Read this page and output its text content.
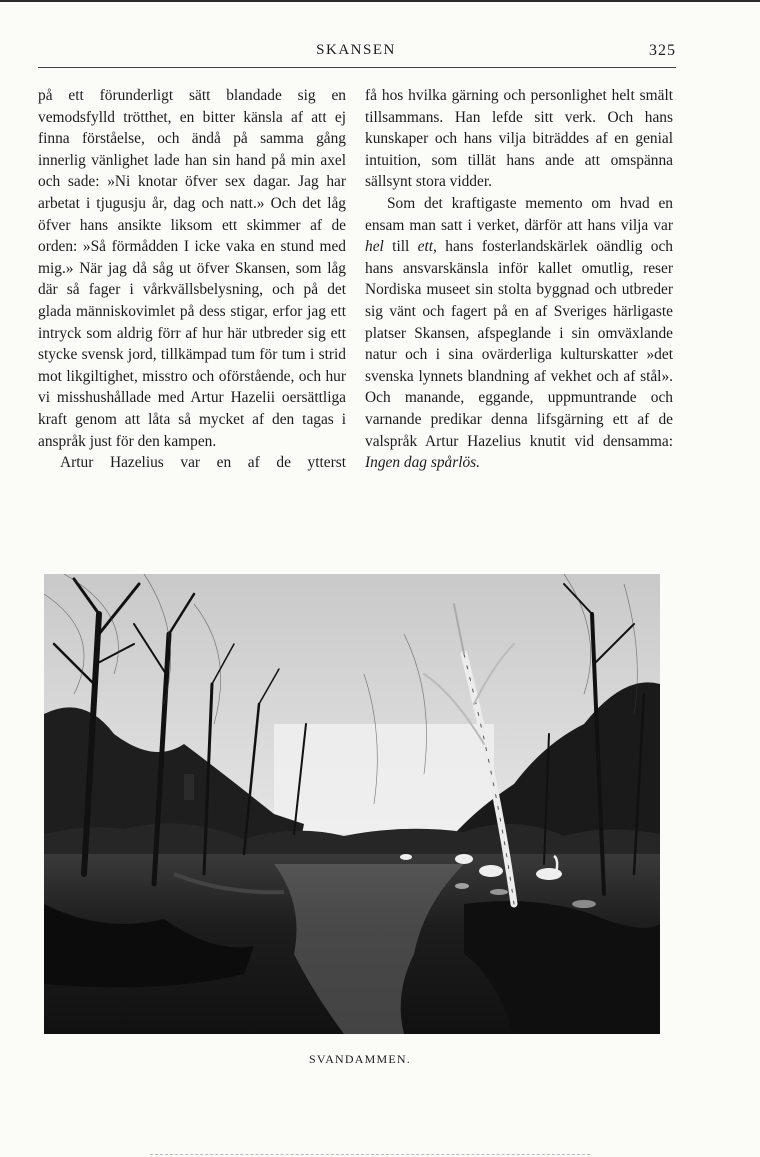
SKANSEN	325

på ett förunderligt sätt blandade sig en vemodsfylld trötthet, en bitter känsla af att ej finna förståelse, och ändå på samma gång innerlig vänlighet lade han sin hand på min axel och sade: »Ni knotar öfver sex dagar. Jag har arbetat i tjugusju år, dag och natt.» Och det låg öfver hans ansikte liksom ett skimmer af de orden: »Så förmådden I icke vaka en stund med mig.» När jag då såg ut öfver Skansen, som låg där så fager i vårkvällsbelysning, och på det glada människovimlet på dess stigar, erfor jag ett intryck som aldrig förr af hur här utbreder sig ett stycke svensk jord, tillkämpad tum för tum i strid mot likgiltighet, misstro och oförstående, och hur vi misshushållade med Artur Hazelii oersättliga kraft genom att låta så mycket af den tagas i anspråk just för den kampen.

Artur Hazelius var en af de ytterst

få hos hvilka gärning och personlighet helt smält tillsammans. Han lefde sitt verk. Och hans kunskaper och hans vilja biträddes af en genial intuition, som tillät hans ande att omspänna sällsynt stora vidder.

Som det kraftigaste memento om hvad en ensam man satt i verket, därför att hans vilja var hel till ett, hans fosterlandskärlek oändlig och hans ansvarskänsla inför kallet omutlig, reser Nordiska museet sin stolta byggnad och utbreder sig vänt och fagert på en af Sveriges härligaste platser Skansen, afspeglande i sin omväxlande natur och i sina ovärderliga kulturskatter »det svenska lynnets blandning af vekhet och af stål». Och manande, eggande, uppmuntrande och varnande predikar denna lifsgärning ett af de valspråk Artur Hazelius knutit vid densamma: Ingen dag spårlös.

SVANDAMMEN.
